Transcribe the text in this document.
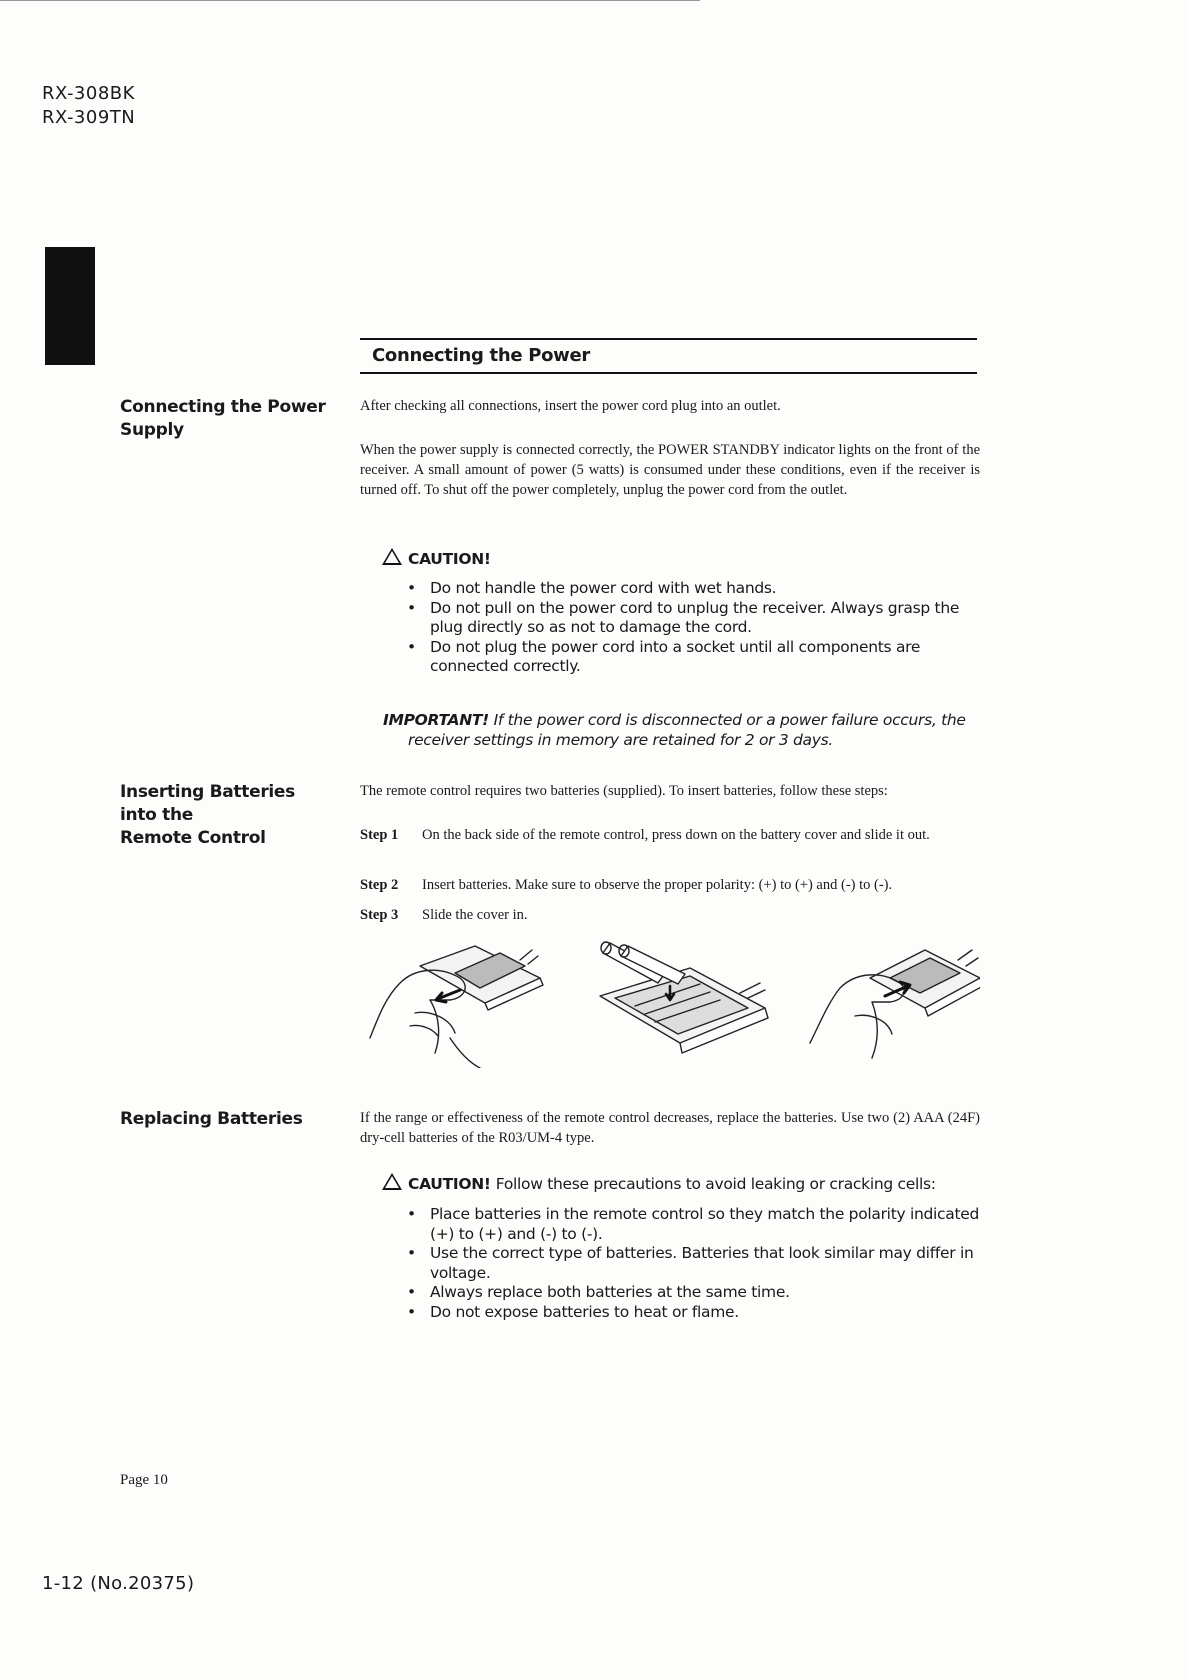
RX-308BK
RX-309TN
Connecting the Power
Connecting the Power
Supply
After checking all connections, insert the power cord plug into an outlet.
When the power supply is connected correctly, the POWER STANDBY indicator lights on the front of the receiver. A small amount of power (5 watts) is consumed under these conditions, even if the receiver is turned off. To shut off the power completely, unplug the power cord from the outlet.
CAUTION!
• Do not handle the power cord with wet hands.
• Do not pull on the power cord to unplug the receiver. Always grasp the plug directly so as not to damage the cord.
• Do not plug the power cord into a socket until all components are connected correctly.
IMPORTANT! If the power cord is disconnected or a power failure occurs, the
receiver settings in memory are retained for 2 or 3 days.
Inserting Batteries into the
Remote Control
The remote control requires two batteries (supplied). To insert batteries, follow these steps:
Step 1 On the back side of the remote control, press down on the battery cover and slide it out.
Step 2 Insert batteries. Make sure to observe the proper polarity: (+) to (+) and (-) to (-).
Step 3 Slide the cover in.
Replacing Batteries	If the range or effectiveness of the remote control decreases, replace the batteries. Use two (2) AAA (24F) dry-cell batteries of the R03/UM-4 type.
CAUTION! Follow these precautions to avoid leaking or cracking cells:
• Place batteries in the remote control so they match the polarity indicated (+) to (+) and (-) to (-).
• Use the correct type of batteries. Batteries that look similar may differ in voltage.
• Always replace both batteries at the same time.
• Do not expose batteries to heat or flame.
Page 10
1-12 (No.20375)
